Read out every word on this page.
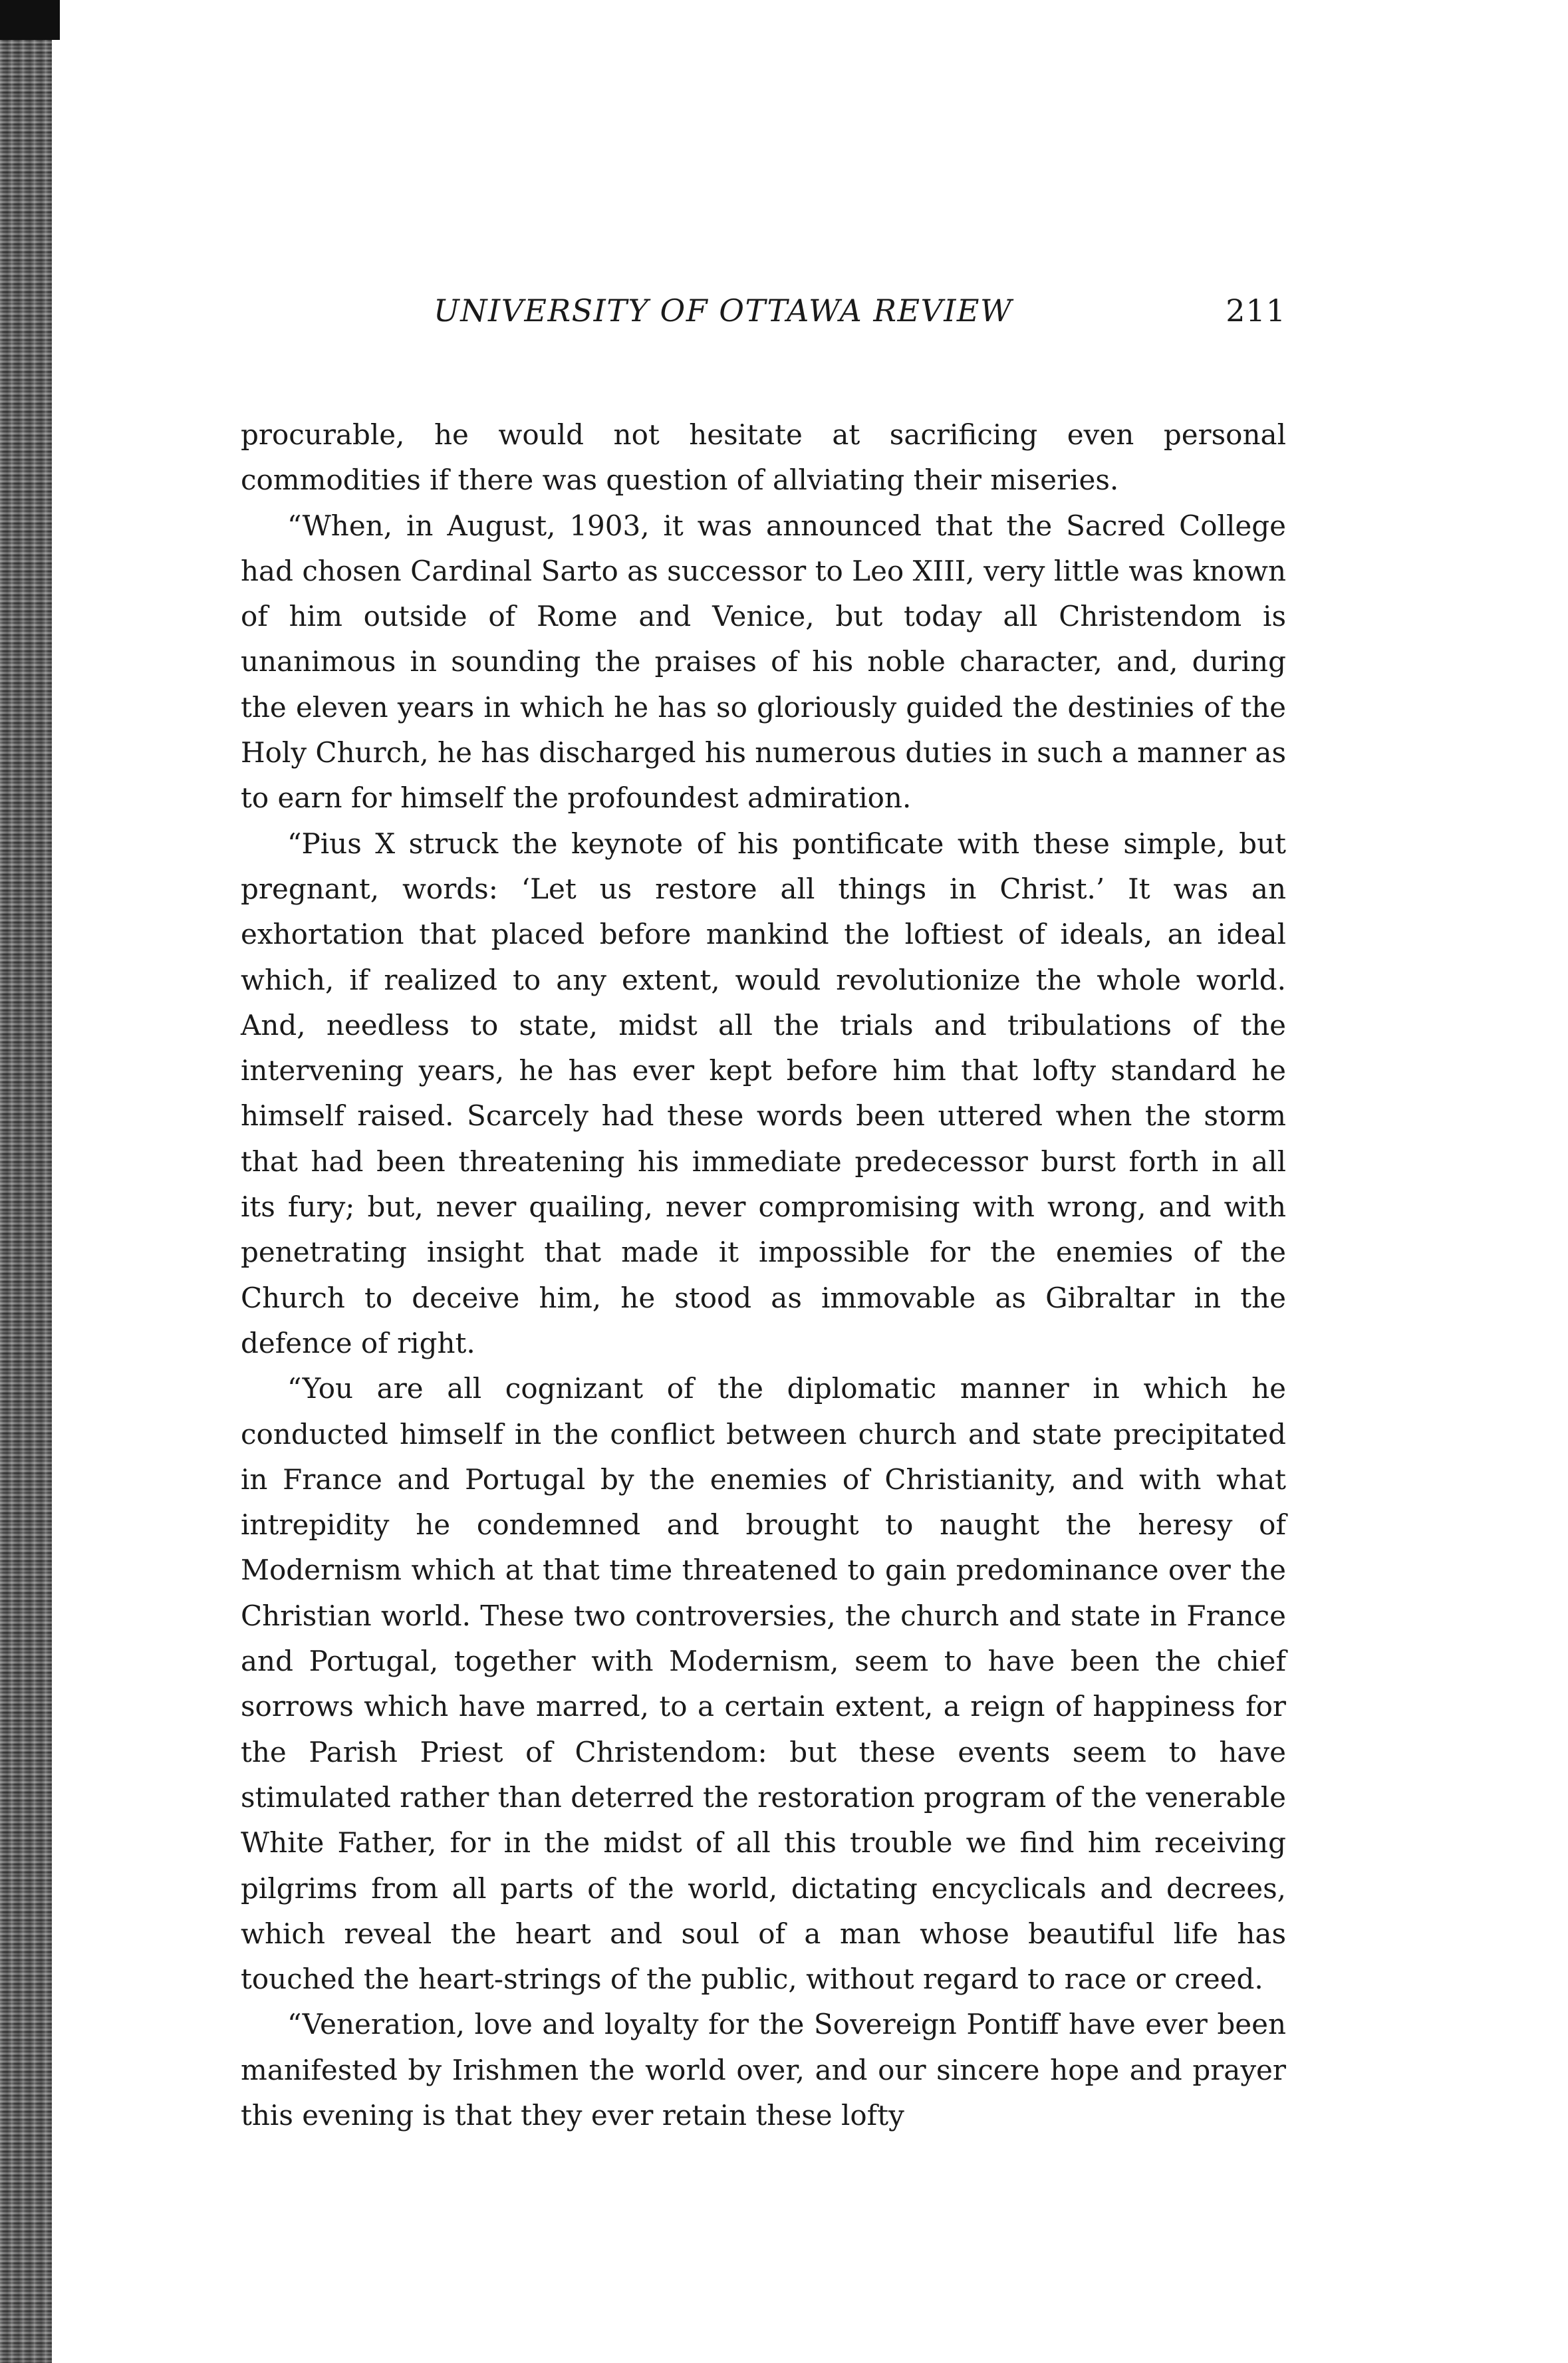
UNIVERSITY OF OTTAWA REVIEW	211

procurable, he would not hesitate at sacrificing even personal commodities if there was question of allviating their miseries.

“When, in August, 1903, it was announced that the Sacred College had chosen Cardinal Sarto as successor to Leo XIII, very little was known of him outside of Rome and Venice, but today all Christendom is unanimous in sounding the praises of his noble character, and, during the eleven years in which he has so gloriously guided the destinies of the Holy Church, he has discharged his numerous duties in such a manner as to earn for himself the profoundest admiration.

“Pius X struck the keynote of his pontificate with these simple, but pregnant, words: ‘Let us restore all things in Christ.’ It was an exhortation that placed before mankind the loftiest of ideals, an ideal which, if realized to any extent, would revolutionize the whole world. And, needless to state, midst all the trials and tribulations of the intervening years, he has ever kept before him that lofty standard he himself raised. Scarcely had these words been uttered when the storm that had been threatening his immediate predecessor burst forth in all its fury; but, never quailing, never compromising with wrong, and with penetrating insight that made it impossible for the enemies of the Church to deceive him, he stood as immovable as Gibraltar in the defence of right.

“You are all cognizant of the diplomatic manner in which he conducted himself in the conflict between church and state precipitated in France and Portugal by the enemies of Christianity, and with what intrepidity he condemned and brought to naught the heresy of Modernism which at that time threatened to gain predominance over the Christian world. These two controversies, the church and state in France and Portugal, together with Modernism, seem to have been the chief sorrows which have marred, to a certain extent, a reign of happiness for the Parish Priest of Christendom: but these events seem to have stimulated rather than deterred the restoration program of the venerable White Father, for in the midst of all this trouble we find him receiving pilgrims from all parts of the world, dictating encyclicals and decrees, which reveal the heart and soul of a man whose beautiful life has touched the heart-strings of the public, without regard to race or creed.

“Veneration, love and loyalty for the Sovereign Pontiff have ever been manifested by Irishmen the world over, and our sincere hope and prayer this evening is that they ever retain these lofty
